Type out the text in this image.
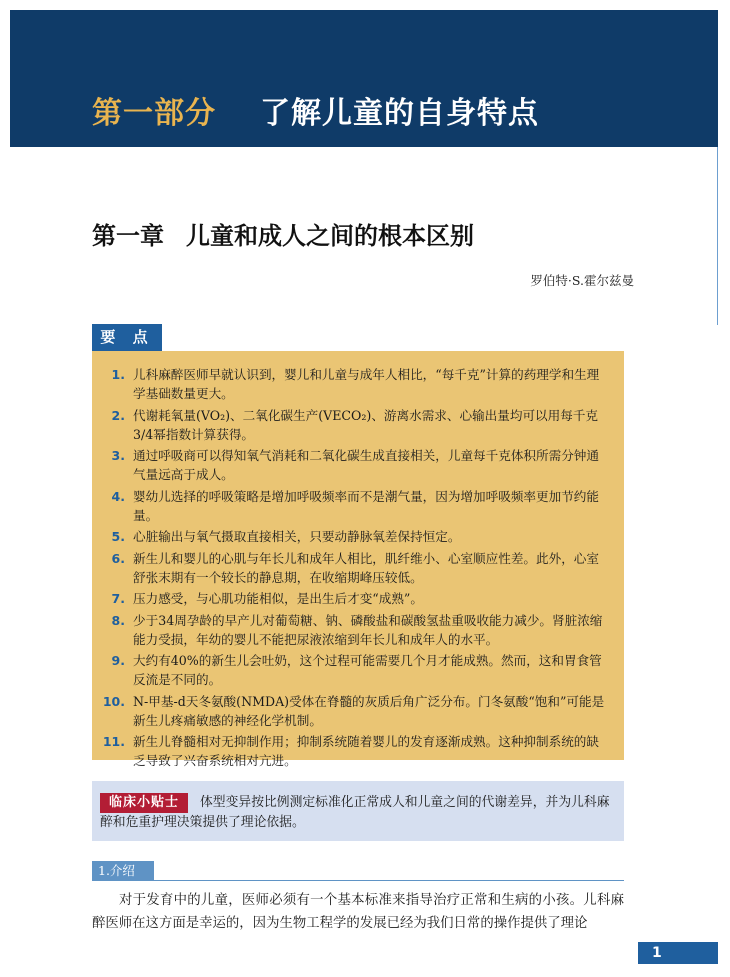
第一部分 了解儿童的自身特点
第一章 儿童和成人之间的根本区别
罗伯特·S.霍尔兹曼
要 点
1. 儿科麻醉医师早就认识到，婴儿和儿童与成年人相比，“每千克”计算的药理学和生理学基础数量更大。
2. 代谢耗氧量(VO₂)、二氧化碳生产(VECO₂)、游离水需求、心输出量均可以用每千克3/4幂指数计算获得。
3. 通过呼吸商可以得知氧气消耗和二氧化碳生成直接相关，儿童每千克体积所需分钟通气量远高于成人。
4. 婴幼儿选择的呼吸策略是增加呼吸频率而不是潮气量，因为增加呼吸频率更加节约能量。
5. 心脏输出与氧气摄取直接相关，只要动静脉氧差保持恒定。
6. 新生儿和婴儿的心肌与年长儿和成年人相比，肌纤维小、心室顺应性差。此外，心室舒张末期有一个较长的静息期，在收缩期峰压较低。
7. 压力感受，与心肌功能相似，是出生后才变“成熟”。
8. 少于34周孕龄的早产儿对葡萄糖、钠、磷酸盐和碳酸氢盐重吸收能力减少。肾脏浓缩能力受损，年幼的婴儿不能把尿液浓缩到年长儿和成年人的水平。
9. 大约有40%的新生儿会吐奶，这个过程可能需要几个月才能成熟。然而，这和胃食管反流是不同的。
10. N-甲基-d天冬氨酸(NMDA)受体在脊髓的灰质后角广泛分布。门冬氨酸“饱和”可能是新生儿疼痛敏感的神经化学机制。
11. 新生儿脊髓相对无抑制作用；抑制系统随着婴儿的发育逐渐成熟。这种抑制系统的缺乏导致了兴奋系统相对亢进。
临床小贴士	体型变异按比例测定标准化正常成人和儿童之间的代谢差异，并为儿科麻醉和危重护理决策提供了理论依据。
1.介绍
对于发育中的儿童，医师必须有一个基本标准来指导治疗正常和生病的小孩。儿科麻醉医师在这方面是幸运的，因为生物工程学的发展已经为我们日常的操作提供了理论
1
